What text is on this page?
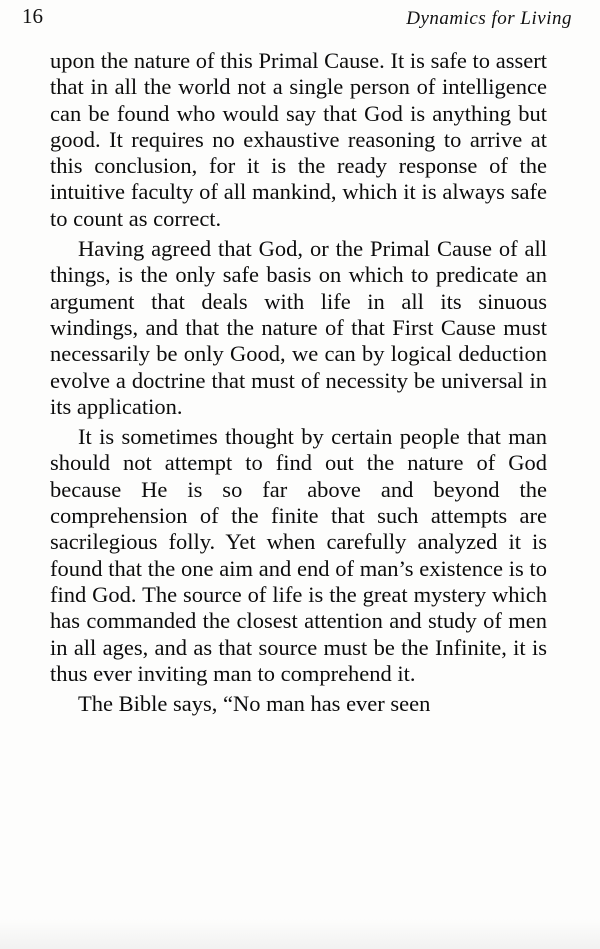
16	Dynamics for Living

upon the nature of this Primal Cause. It is safe to assert that in all the world not a single person of intelligence can be found who would say that God is anything but good. It requires no exhaustive reasoning to arrive at this conclusion, for it is the ready response of the intuitive faculty of all mankind, which it is always safe to count as correct.

Having agreed that God, or the Primal Cause of all things, is the only safe basis on which to predicate an argument that deals with life in all its sinuous windings, and that the nature of that First Cause must necessarily be only Good, we can by logical deduction evolve a doctrine that must of necessity be universal in its application.

It is sometimes thought by certain people that man should not attempt to find out the nature of God because He is so far above and beyond the comprehension of the finite that such attempts are sacrilegious folly. Yet when carefully analyzed it is found that the one aim and end of man’s existence is to find God. The source of life is the great mystery which has commanded the closest attention and study of men in all ages, and as that source must be the Infinite, it is thus ever inviting man to comprehend it.

The Bible says, “No man has ever seen
